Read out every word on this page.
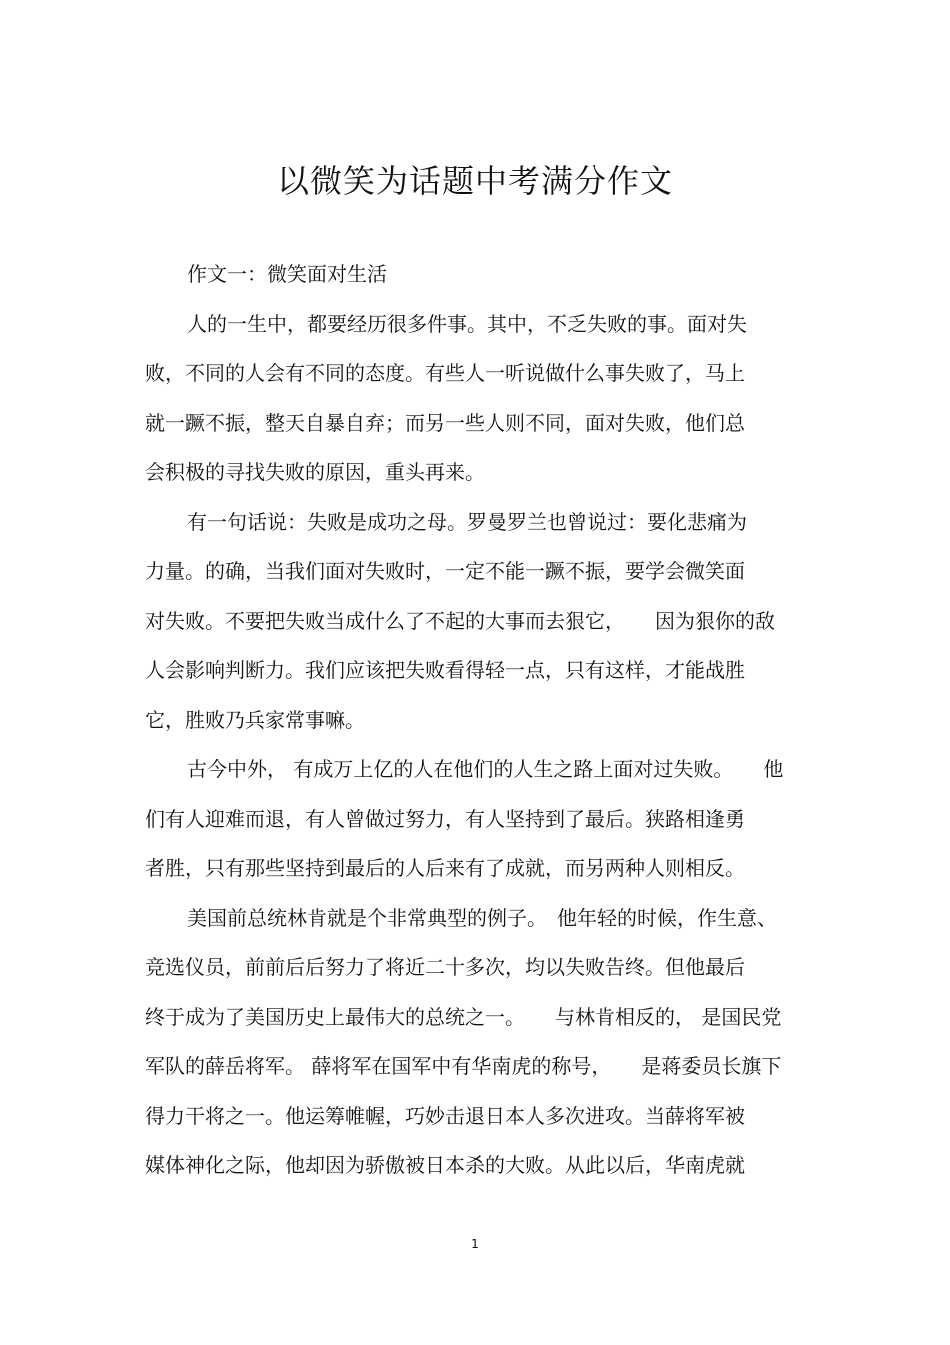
以微笑为话题中考满分作文
作文一：微笑面对生活
人的一生中，都要经历很多件事。其中，不乏失败的事。面对失
败，不同的人会有不同的态度。有些人一听说做什么事失败了，马上
就一蹶不振，整天自暴自弃；而另一些人则不同，面对失败，他们总
会积极的寻找失败的原因，重头再来。
有一句话说：失败是成功之母。罗曼罗兰也曾说过：要化悲痛为
力量。的确，当我们面对失败时，一定不能一蹶不振，要学会微笑面
对失败。不要把失败当成什么了不起的大事而去狠它，　　因为狠你的敌
人会影响判断力。我们应该把失败看得轻一点，只有这样，才能战胜
它，胜败乃兵家常事嘛。
古今中外， 有成万上亿的人在他们的人生之路上面对过失败。　　他
们有人迎难而退，有人曾做过努力，有人坚持到了最后。狭路相逢勇
者胜，只有那些坚持到最后的人后来有了成就，而另两种人则相反。
美国前总统林肯就是个非常典型的例子。　他年轻的时候，作生意、
竞选仪员，前前后后努力了将近二十多次，均以失败告终。但他最后
终于成为了美国历史上最伟大的总统之一。　　与林肯相反的， 是国民党
军队的薛岳将军。 薛将军在国军中有华南虎的称号，　　是蒋委员长旗下
得力干将之一。他运筹帷幄，巧妙击退日本人多次进攻。当薛将军被
媒体神化之际，他却因为骄傲被日本杀的大败。从此以后，华南虎就
1
